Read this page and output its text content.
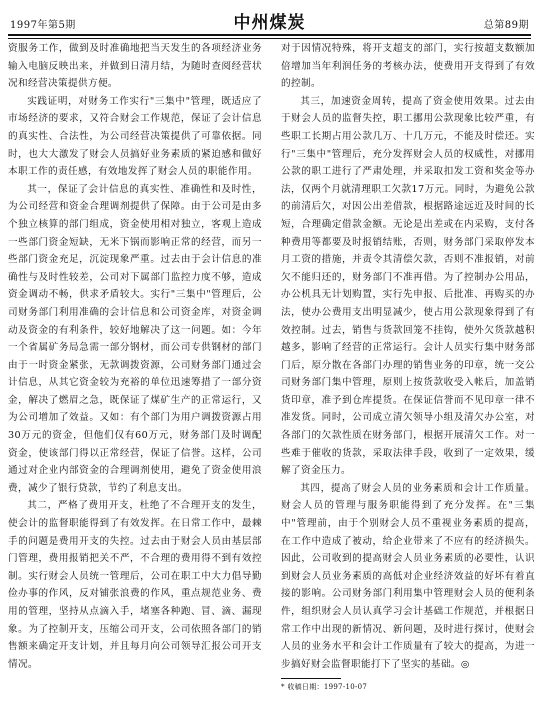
1997年第5期	中州煤炭	总第89期

资服务工作，做到及时准确地把当天发生的各项经济业务输入电脑反映出来，并做到日清月结，为随时查阅经营状况和经营决策提供方便。

实践证明，对财务工作实行"三集中"管理，既适应了市场经济的要求，又符合财会工作规范，保证了会计信息的真实性、合法性，为公司经营决策提供了可靠依据。同时，也大大激发了财会人员搞好业务素质的紧迫感和做好本职工作的责任感，有效地发挥了财会人员的职能作用。

其一，保证了会计信息的真实性、准确性和及时性，为公司经营和资金合理调剂提供了保障。由于公司是由多个独立核算的部门组成，资金使用相对独立，客观上造成一些部门资金短缺，无米下锅而影响正常的经营，而另一些部门资金充足，沉淀现象严重。过去由于会计信息的准确性与及时性较差，公司对下属部门监控力度不够，造成资金调动不畅，供求矛盾较大。实行"三集中"管理后，公司财务部门利用准确的会计信息和公司资金库，对资金调动及资金的有利条件，较好地解决了这一问题。如：今年一个省属矿务局急需一部分钢材，而公司专供钢材的部门由于一时资金紧张，无款调拨资源，公司财务部门通过会计信息，从其它资金较为充裕的单位迅速筹措了一部分资金，解决了燃眉之急，既保证了煤矿生产的正常运行，又为公司增加了效益。又如：有个部门为用户调拨资源占用30万元的资金，但他们仅有60万元，财务部门及时调配资金，使该部门得以正常经营，保证了信誉。这样，公司通过对企业内部资金的合理调剂使用，避免了资金使用浪费，减少了银行贷款，节约了利息支出。

其二，严格了费用开支，杜绝了不合理开支的发生，使会计的监督职能得到了有效发挥。在日常工作中，最棘手的问题是费用开支的失控。过去由于财会人员由基层部门管理，费用报销把关不严，不合理的费用得不到有效控制。实行财会人员统一管理后，公司在职工中大力倡导勤俭办事的作风，反对铺张浪费的作风，重点规范业务、费用的管理，坚持从点滴入手，堵塞各种跑、冒、滴、漏现象。为了控制开支，压缩公司开支，公司依照各部门的销售额来确定开支计划，并且每月向公司领导汇报公司开支情况。

对于因情况特殊，将开支超支的部门，实行按超支数额加倍增加当年利润任务的考核办法，使费用开支得到了有效的控制。

其三，加速资金周转，提高了资金使用效果。过去由于财会人员的监督失控，职工挪用公款现象比较严重，有些职工长期占用公款几万、十几万元，不能及时偿还。实行"三集中"管理后，充分发挥财会人员的权威性，对挪用公款的职工进行了严肃处理，并采取扣发工资和奖金等办法，仅两个月就清理职工欠款17万元。同时，为避免公款的前清后欠，对因公出差借款，根据路途远近及时间的长短，合理确定借款金额。无论是出差或在内采购，支付各种费用等都要及时报销结账，否则，财务部门采取停发本月工资的措施，并责令其清偿欠款，否则不准报销，对前欠不能归还的，财务部门不准再借。为了控制办公用品，办公机具无计划购置，实行先申报、后批准、再购买的办法，使办公费用支出明显减少，使占用公款现象得到了有效控制。过去，销售与货款回笼不挂钩，使外欠货款越积越多，影响了经营的正常运行。会计人员实行集中财务部门后，原分散在各部门办理的销售业务的印章，统一交公司财务部门集中管理，原则上按货款收受入帐后，加盖销货印章，准予到仓库提货。在保证信誉而不见印章一律不准发货。同时，公司成立清欠领导小组及清欠办公室，对各部门的欠款性质在财务部门，根据开展清欠工作。对一些难于催收的货款，采取法律手段，收到了一定效果，缓解了资金压力。

其四，提高了财会人员的业务素质和会计工作质量。财会人员的管理与服务职能得到了充分发挥。在"三集中"管理前，由于个别财会人员不重视业务素质的提高，在工作中造成了被动，给企业带来了不应有的经济损失。因此，公司收到的提高财会人员业务素质的必要性，认识到财会人员业务素质的高低对企业经济效益的好坏有着直接的影响。公司财务部门利用集中管理财会人员的便利条件，组织财会人员认真学习会计基础工作规范，并根据日常工作中出现的新情况、新问题，及时进行探讨，使财会人员的业务水平和会计工作质量有了较大的提高，为进一步搞好财会监督职能打下了坚实的基础。◎

* 收稿日期：1997-10-07
